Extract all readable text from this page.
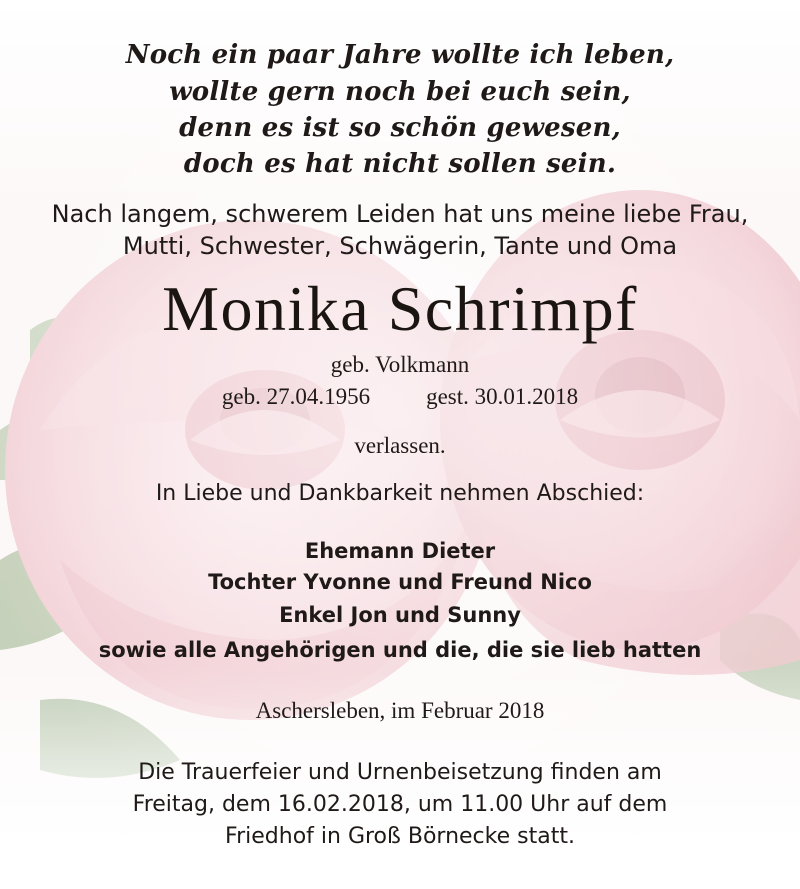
Noch ein paar Jahre wollte ich leben,
wollte gern noch bei euch sein,
denn es ist so schön gewesen,
doch es hat nicht sollen sein.
Nach langem, schwerem Leiden hat uns meine liebe Frau,
Mutti, Schwester, Schwägerin, Tante und Oma
Monika Schrimpf
geb. Volkmann
geb. 27.04.1956 gest. 30.01.2018
verlassen.
In Liebe und Dankbarkeit nehmen Abschied:
Ehemann Dieter
Tochter Yvonne und Freund Nico
Enkel Jon und Sunny
sowie alle Angehörigen und die, die sie lieb hatten
Aschersleben, im Februar 2018
Die Trauerfeier und Urnenbeisetzung finden am
Freitag, dem 16.02.2018, um 11.00 Uhr auf dem
Friedhof in Groß Börnecke statt.
